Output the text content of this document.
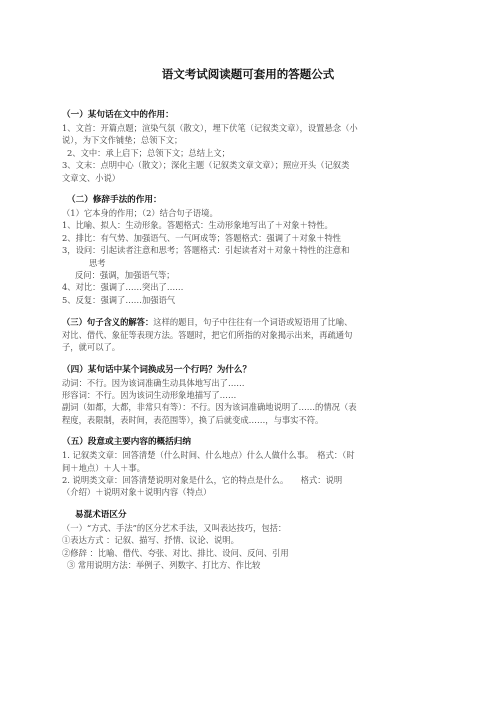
语文考试阅读题可套用的答题公式
（一）某句话在文中的作用：
1、文首：开篇点题；渲染气氛（散文），埋下伏笔（记叙类文章），设置悬念（小
说），为下文作铺垫；总领下文；
2、文中：承上启下；总领下文；总结上文；
3、文末：点明中心（散文）；深化主题（记叙类文章文章）；照应开头（记叙类
文章文、小说）
（二）修辞手法的作用：
（1）它本身的作用；（2）结合句子语境。
1、比喻、拟人：生动形象。答题格式：生动形象地写出了＋对象＋特性。
2、排比：有气势、加强语气、一气呵成等；答题格式：强调了＋对象＋特性
3，设问：引起读者注意和思考；答题格式：引起读者对＋对象＋特性的注意和
思考
反问：强调，加强语气等；
4、对比：强调了……突出了……
5、反复：强调了……加强语气
（三）句子含义的解答：这样的题目，句子中往往有一个词语或短语用了比喻、
对比、借代、象征等表现方法。答题时，把它们所指的对象揭示出来，再疏通句
子，就可以了。
（四）某句话中某个词换成另一个行吗？为什么？
动词：不行。因为该词准确生动具体地写出了……
形容词：不行。因为该词生动形象地描写了……
副词（如都，大都，非常只有等）：不行。因为该词准确地说明了……的情况（表
程度，表限制，表时间，表范围等），换了后就变成……，与事实不符。
（五）段意或主要内容的概括归纳
1. 记叙类文章：回答清楚（什么时间、什么地点）什么人做什么事。　格式：（时
间＋地点）＋人＋事。
2. 说明类文章：回答清楚说明对象是什么，它的特点是什么。　　格式：说明
（介绍）＋说明对象＋说明内容（特点）
易混术语区分
（一）“方式、手法”的区分艺术手法，又叫表达技巧，包括：
①表达方式 ：记叙、描写、抒情、议论、说明。
②修辞 ：比喻、借代、夸张、对比、排比、设问、反问、引用
③ 常用说明方法：举例子、列数字、打比方、作比较
